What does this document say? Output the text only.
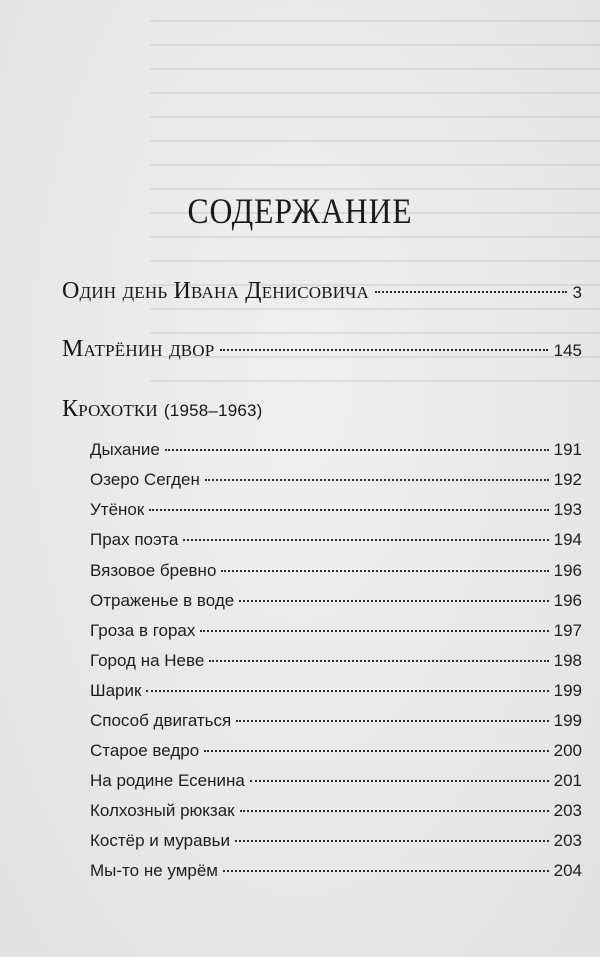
СОДЕРЖАНИЕ
Один день Ивана Денисовича	3
Матрёнин двор	145
Крохотки (1958–1963)
Дыхание	191
Озеро Сегден	192
Утёнок	193
Прах поэта	194
Вязовое бревно	196
Отраженье в воде	196
Гроза в горах	197
Город на Неве	198
Шарик	199
Способ двигаться	199
Старое ведро	200
На родине Есенина	201
Колхозный рюкзак	203
Костёр и муравьи	203
Мы-то не умрём	204
